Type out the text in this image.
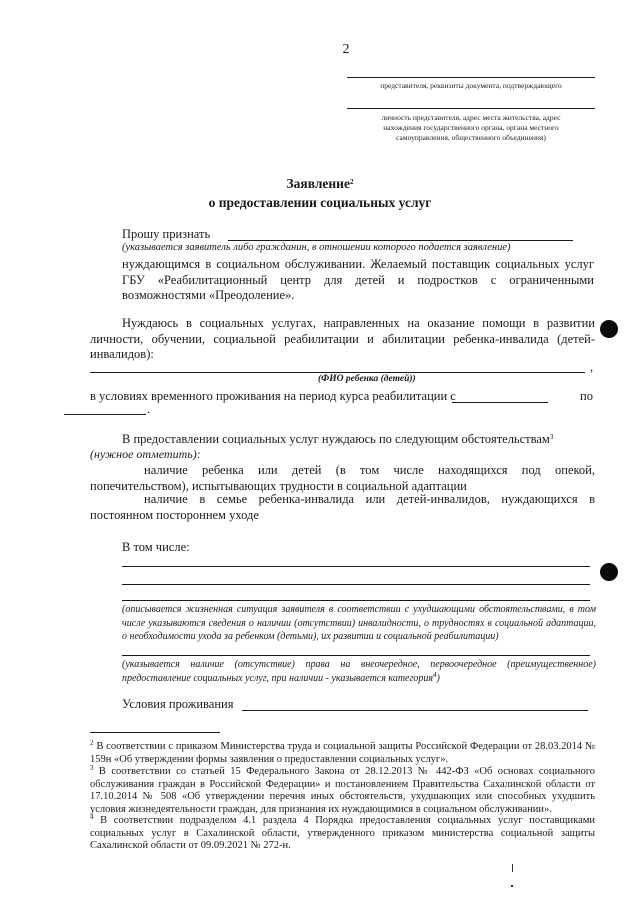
2
представителя, реквизиты документа, подтверждающего
личность представителя, адрес места жительства, адрес
нахождения государственного органа, органа местного
самоуправления, общественного объединения)
Заявление$^2$
о предоставлении социальных услуг
Прошу признать
(указывается заявитель либо гражданин, в отношении которого подается заявление)
нуждающимся в социальном обслуживании. Желаемый поставщик социальных услуг ГБУ «Реабилитационный центр для детей и подростков с ограниченными возможностями «Преодоление».
Нуждаюсь в социальных услугах, направленных на оказание помощи в развитии личности, обучении, социальной реабилитации и абилитации ребенка-инвалида (детей-инвалидов):
,
(ФИО ребенка (детей))
в условиях временного проживания на период курса реабилитации с	по
.
В предоставлении социальных услуг нуждаюсь по следующим обстоятельствам$^3$
(нужное отметить):
наличие ребенка или детей (в том числе находящихся под опекой, попечительством), испытывающих трудности в социальной адаптации
наличие в семье ребенка-инвалида или детей-инвалидов, нуждающихся в постоянном постороннем уходе
В том числе:
(описывается жизненная ситуация заявителя в соответствии с ухудшающими обстоятельствами, в том числе указываются сведения о наличии (отсутствии) инвалидности, о трудностях в социальной адаптации, о необходимости ухода за ребенком (детьми), их развитии и социальной реабилитации)
(указывается наличие (отсутствие) права на внеочередное, первоочередное (преимущественное) предоставление социальных услуг, при наличии - указывается категория$^4$)
Условия проживания
$^2$ В соответствии с приказом Министерства труда и социальной защиты Российской Федерации от 28.03.2014 № 159н «Об утверждении формы заявления о предоставлении социальных услуг».
$^3$ В соответствии со статьей 15 Федерального Закона от 28.12.2013 № 442-ФЗ «Об основах социального обслуживания граждан в Российской Федерации» и постановлением Правительства Сахалинской области от 17.10.2014 № 508 «Об утверждении перечня иных обстоятельств, ухудшающих или способных ухудшить условия жизнедеятельности граждан, для признания их нуждающимися в социальном обслуживании».
$^4$ В соответствии подразделом 4.1 раздела 4 Порядка предоставления социальных услуг поставщиками социальных услуг в Сахалинской области, утвержденного приказом министерства социальной защиты Сахалинской области от 09.09.2021 № 272-н.
